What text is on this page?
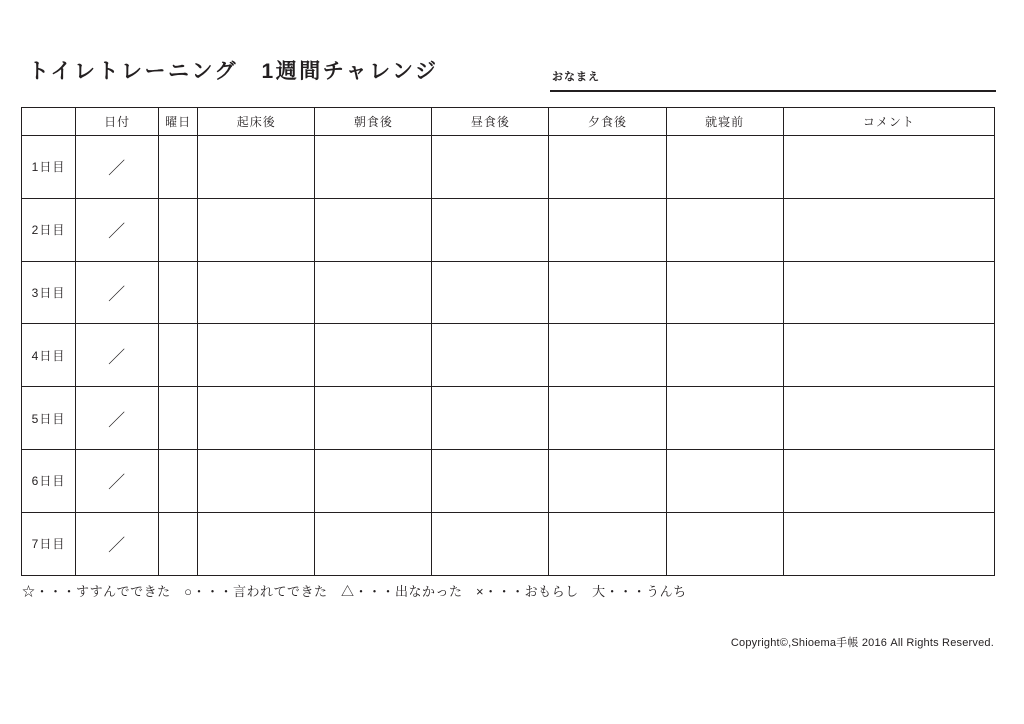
トイレトレーニング　1週間チャレンジ	おなまえ
	日付	曜日	起床後	朝食後	昼食後	夕食後	就寝前	コメント
1日目	／							
2日目	／							
3日目	／							
4日目	／							
5日目	／							
6日目	／							
7日目	／							
☆・・・すすんでできた　○・・・言われてできた　△・・・出なかった　×・・・おもらし　大・・・うんち
Copyright©,Shioema手帳 2016 All Rights Reserved.
